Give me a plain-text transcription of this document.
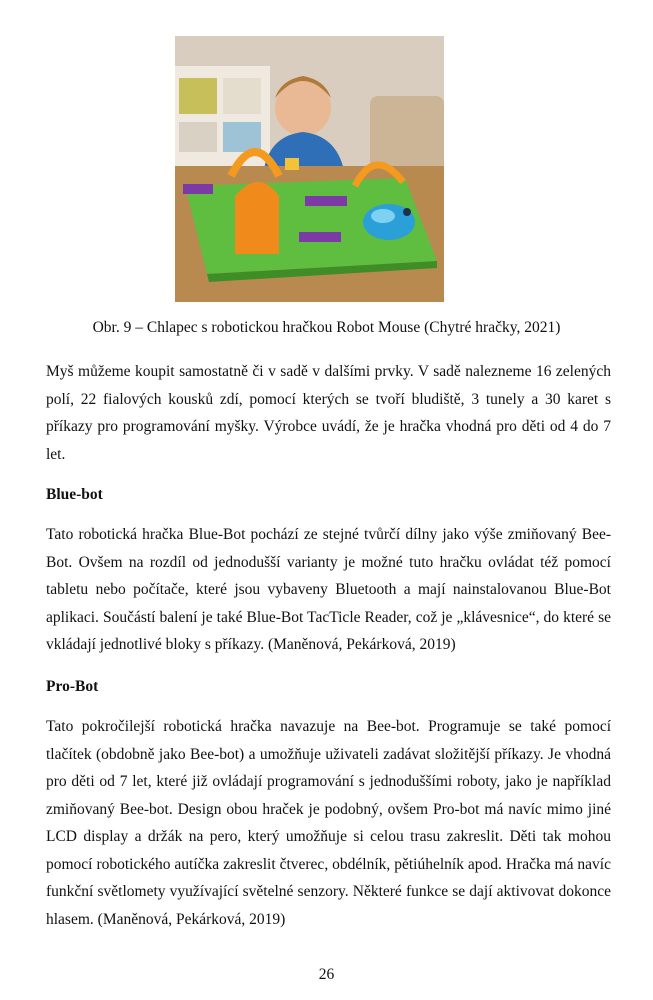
Obr. 9 – Chlapec s robotickou hračkou Robot Mouse (Chytré hračky, 2021)

Myš můžeme koupit samostatně či v sadě v dalšími prvky. V sadě nalezneme 16 zelených polí, 22 fialových kousků zdí, pomocí kterých se tvoří bludiště, 3 tunely a 30 karet s příkazy pro programování myšky. Výrobce uvádí, že je hračka vhodná pro děti od 4 do 7 let.

Blue-bot

Tato robotická hračka Blue-Bot pochází ze stejné tvůrčí dílny jako výše zmiňovaný Bee-Bot. Ovšem na rozdíl od jednodušší varianty je možné tuto hračku ovládat též pomocí tabletu nebo počítače, které jsou vybaveny Bluetooth a mají nainstalovanou Blue-Bot aplikaci. Součástí balení je také Blue-Bot TacTicle Reader, což je „klávesnice“, do které se vkládají jednotlivé bloky s příkazy. (Maněnová, Pekárková, 2019)

Pro-Bot

Tato pokročilejší robotická hračka navazuje na Bee-bot. Programuje se také pomocí tlačítek (obdobně jako Bee-bot) a umožňuje uživateli zadávat složitější příkazy. Je vhodná pro děti od 7 let, které již ovládají programování s jednoduššími roboty, jako je například zmiňovaný Bee-bot. Design obou hraček je podobný, ovšem Pro-bot má navíc mimo jiné LCD display a držák na pero, který umožňuje si celou trasu zakreslit. Děti tak mohou pomocí robotického autíčka zakreslit čtverec, obdélník, pětiúhelník apod. Hračka má navíc funkční světlomety využívající světelné senzory. Některé funkce se dají aktivovat dokonce hlasem. (Maněnová, Pekárková, 2019)

26
